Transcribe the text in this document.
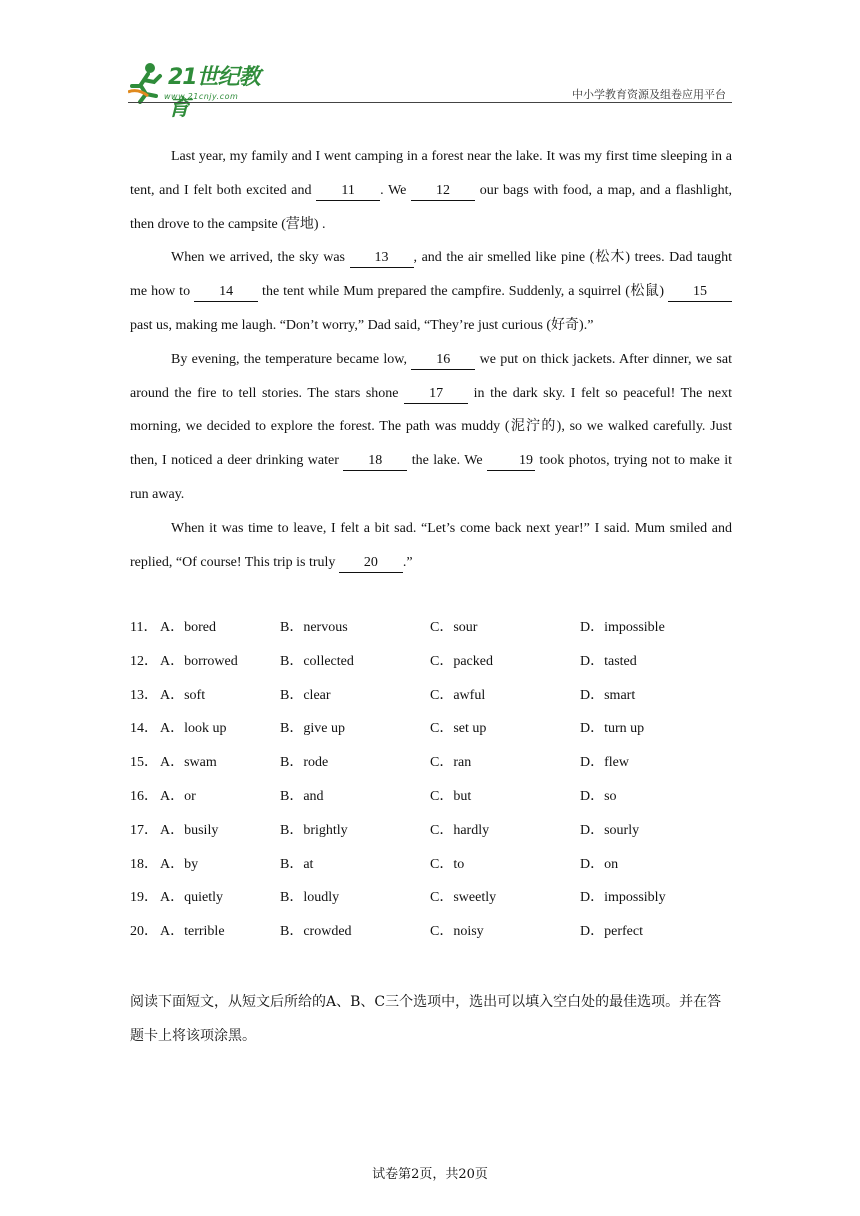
21世纪教育
www.21cnjy.com	中小学教育资源及组卷应用平台

Last year, my family and I went camping in a forest near the lake. It was my first time sleeping in a tent, and I felt both excited and 11 . We 12 our bags with food, a map, and a flashlight, then drove to the campsite (营地) .

When we arrived, the sky was 13 , and the air smelled like pine (松木) trees. Dad taught me how to 14 the tent while Mum prepared the campfire. Suddenly, a squirrel (松鼠) 15 past us, making me laugh. “Don’t worry,” Dad said, “They’re just curious (好奇).”

By evening, the temperature became low, 16 we put on thick jackets. After dinner, we sat around the fire to tell stories. The stars shone 17 in the dark sky. I felt so peaceful! The next morning, we decided to explore the forest. The path was muddy (泥泞的), so we walked carefully. Just then, I noticed a deer drinking water 18 the lake. We 19 took photos, trying not to make it run away.

When it was time to leave, I felt a bit sad. “Let’s come back next year!” I said. Mum smiled and replied, “Of course! This trip is truly 20 .”

11． A．bored	B．nervous	C．sour	D．impossible
12． A．borrowed	B．collected	C．packed	D．tasted
13． A．soft	B．clear	C．awful	D．smart
14． A．look up	B．give up	C．set up	D．turn up
15． A．swam	B．rode	C．ran	D．flew
16． A．or	B．and	C．but	D．so
17． A．busily	B．brightly	C．hardly	D．sourly
18． A．by	B．at	C．to	D．on
19． A．quietly	B．loudly	C．sweetly	D．impossibly
20． A．terrible	B．crowded	C．noisy	D．perfect
阅读下面短文，从短文后所给的A、B、C三个选项中，选出可以填入空白处的最佳选项。并在答题卡上将该项涂黑。
试卷第2页，共20页
